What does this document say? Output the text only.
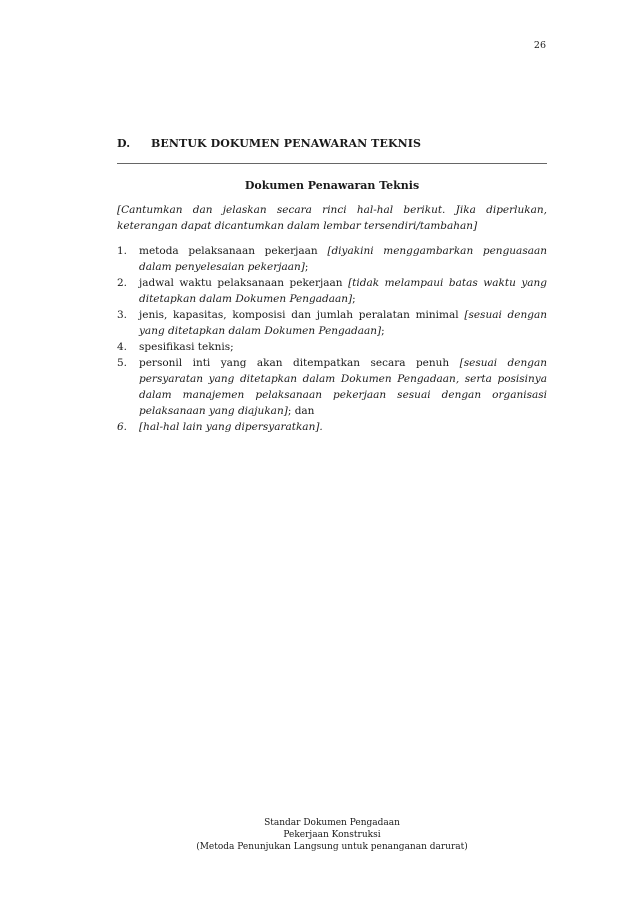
26
D. BENTUK DOKUMEN PENAWARAN TEKNIS
Dokumen Penawaran Teknis
[Cantumkan dan jelaskan secara rinci hal-hal berikut. Jika diperlukan, keterangan dapat dicantumkan dalam lembar tersendiri/tambahan]
1. metoda pelaksanaan pekerjaan [diyakini menggambarkan penguasaan dalam penyelesaian pekerjaan];
2. jadwal waktu pelaksanaan pekerjaan [tidak melampaui batas waktu yang ditetapkan dalam Dokumen Pengadaan];
3. jenis, kapasitas, komposisi dan jumlah peralatan minimal [sesuai dengan yang ditetapkan dalam Dokumen Pengadaan];
4. spesifikasi teknis;
5. personil inti yang akan ditempatkan secara penuh [sesuai dengan persyaratan yang ditetapkan dalam Dokumen Pengadaan, serta posisinya dalam manajemen pelaksanaan pekerjaan sesuai dengan organisasi pelaksanaan yang diajukan]; dan
6. [hal-hal lain yang dipersyaratkan].
Standar Dokumen Pengadaan
Pekerjaan Konstruksi
(Metoda Penunjukan Langsung untuk penanganan darurat)
